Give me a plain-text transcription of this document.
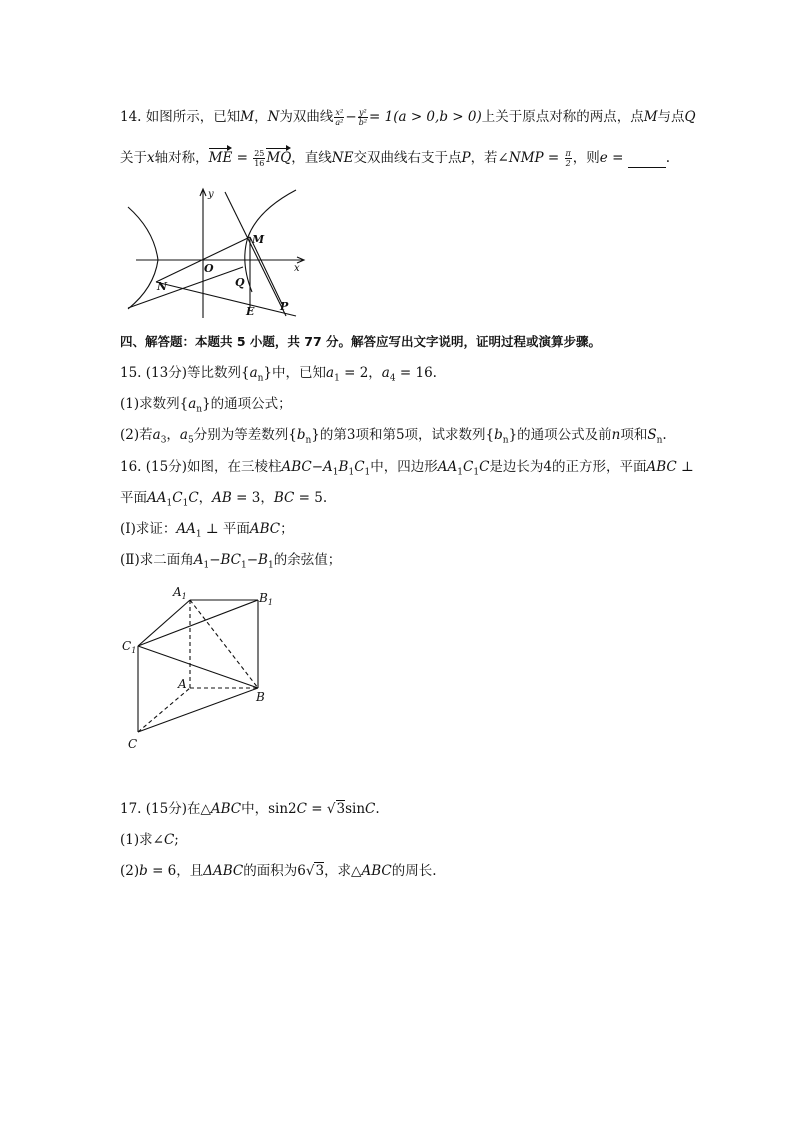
14. 如图所示，已知M，N为双曲线 $\frac{\text{x²}}{\text{a²}} - \frac{\text{y²}}{\text{b²}} = 1(a > 0,b > 0)$上关于原点对称的两点，点M与点Q
关于x轴对称，ME = $\frac{25}{16}$ MQ，直线NE交双曲线右支于点P，若∠NMP = $\frac{\pi}{2}$ ，则e =	.
y
x
O
M
N	Q
E P
四、解答题：本题共 5 小题，共 77 分。解答应写出文字说明，证明过程或演算步骤。
15. (13分)等比数列$\{a_n\}$中，已知$a_1 = 2$，$a_4 = 16$.
(1)求数列$\{a_n\}$的通项公式；
(2)若$a_3$，$a_5$分别为等差数列$\{b_n\}$的第3项和第5项，试求数列$\{b_n\}$的通项公式及前n项和$S_n$.
16. (15分)如图，在三棱柱$ABC-A_1B_1C_1$中，四边形$AA_1C_1C$是边长为4的正方形，平面ABC ⊥
平面$AA_1C_1C$，AB = 3，BC = 5.
(Ⅰ)求证：$AA_1$ ⊥ 平面ABC；
(Ⅱ)求二面角$A_1-BC_1-B_1$的余弦值；
$A_1$	$B_1$
$C_1$
A
B
C
17. (15分)在△ABC中，sin2C = √3sinC.
(1)求∠C;
(2)b = 6，且ΔABC的面积为6√3，求△ABC的周长.
